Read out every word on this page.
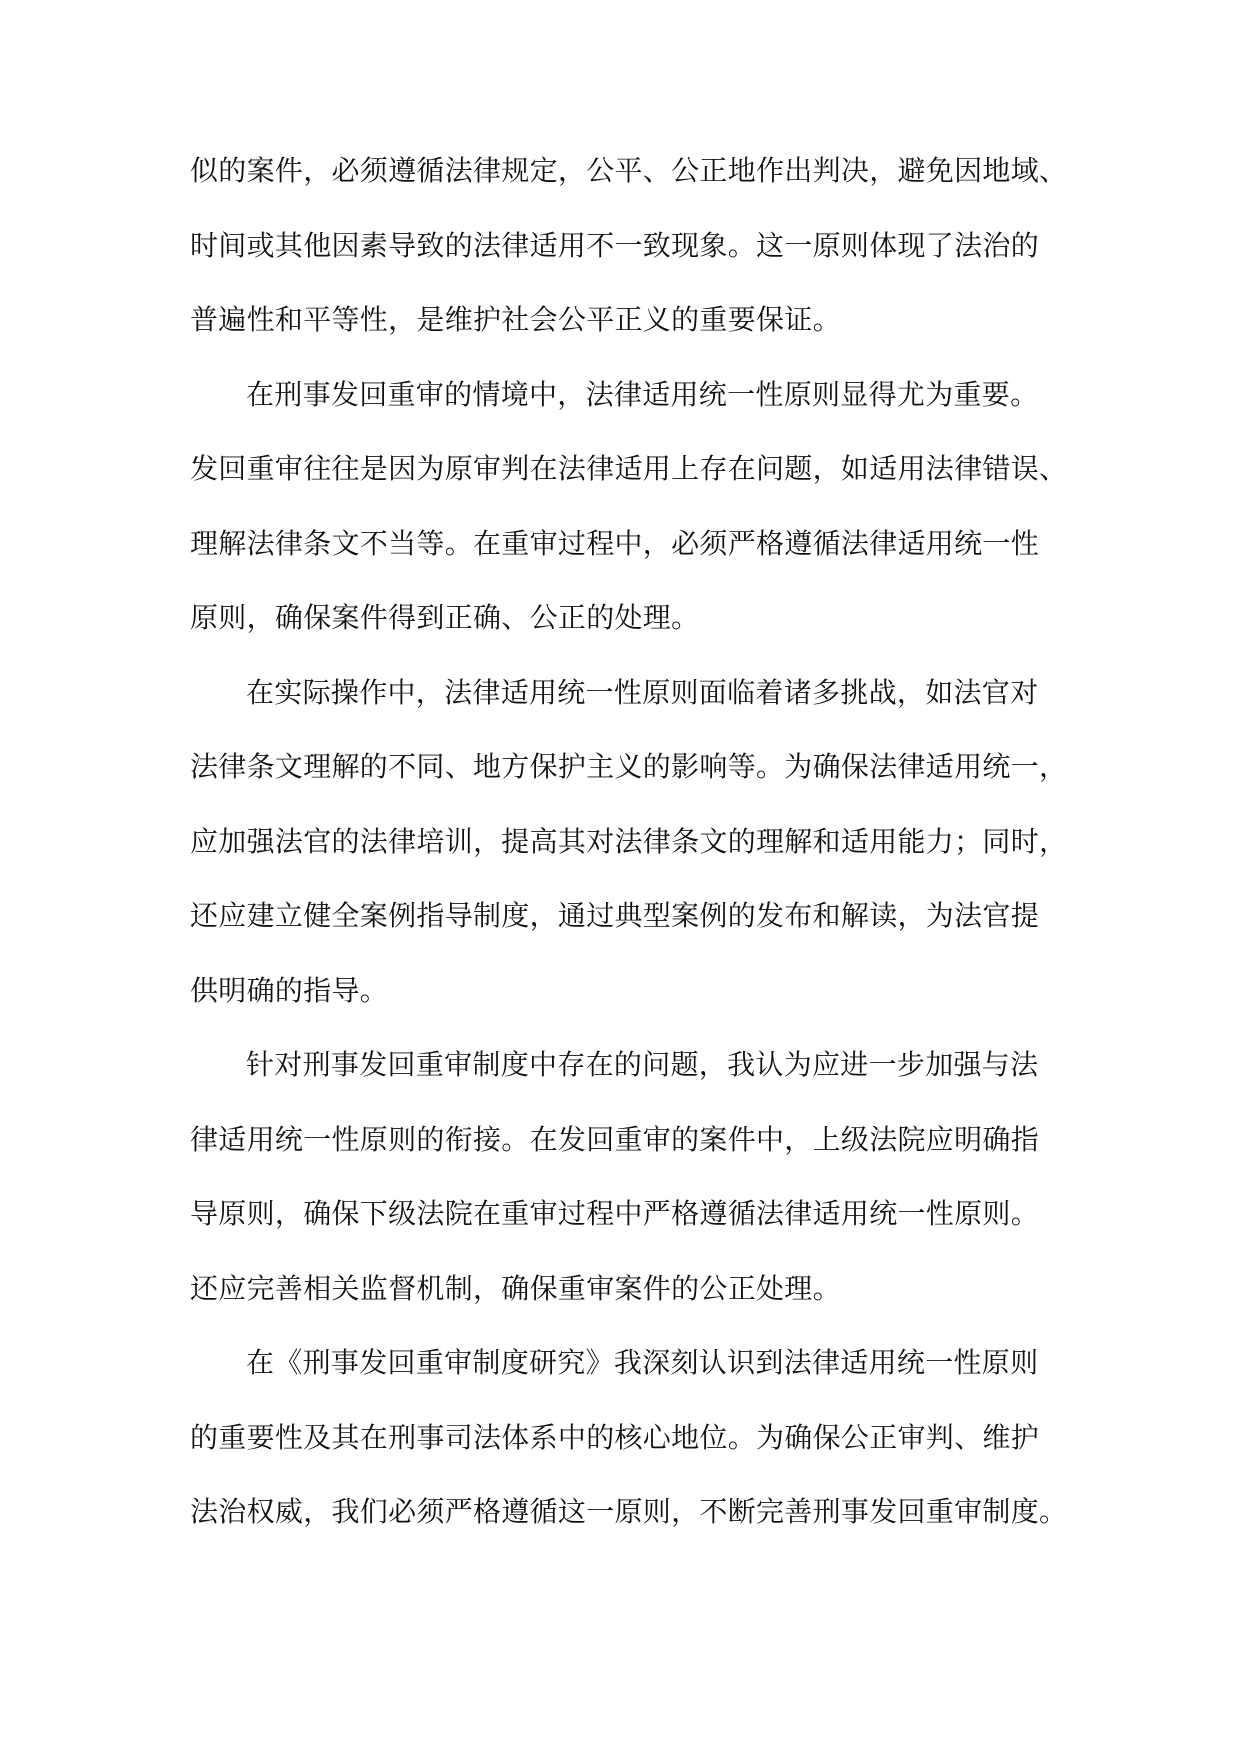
似的案件，必须遵循法律规定，公平、公正地作出判决，避免因地域、
时间或其他因素导致的法律适用不一致现象。这一原则体现了法治的
普遍性和平等性，是维护社会公平正义的重要保证。
在刑事发回重审的情境中，法律适用统一性原则显得尤为重要。
发回重审往往是因为原审判在法律适用上存在问题，如适用法律错误、
理解法律条文不当等。在重审过程中，必须严格遵循法律适用统一性
原则，确保案件得到正确、公正的处理。
在实际操作中，法律适用统一性原则面临着诸多挑战，如法官对
法律条文理解的不同、地方保护主义的影响等。为确保法律适用统一，
应加强法官的法律培训，提高其对法律条文的理解和适用能力；同时，
还应建立健全案例指导制度，通过典型案例的发布和解读，为法官提
供明确的指导。
针对刑事发回重审制度中存在的问题，我认为应进一步加强与法
律适用统一性原则的衔接。在发回重审的案件中，上级法院应明确指
导原则，确保下级法院在重审过程中严格遵循法律适用统一性原则。
还应完善相关监督机制，确保重审案件的公正处理。
在《刑事发回重审制度研究》我深刻认识到法律适用统一性原则
的重要性及其在刑事司法体系中的核心地位。为确保公正审判、维护
法治权威，我们必须严格遵循这一原则，不断完善刑事发回重审制度。
